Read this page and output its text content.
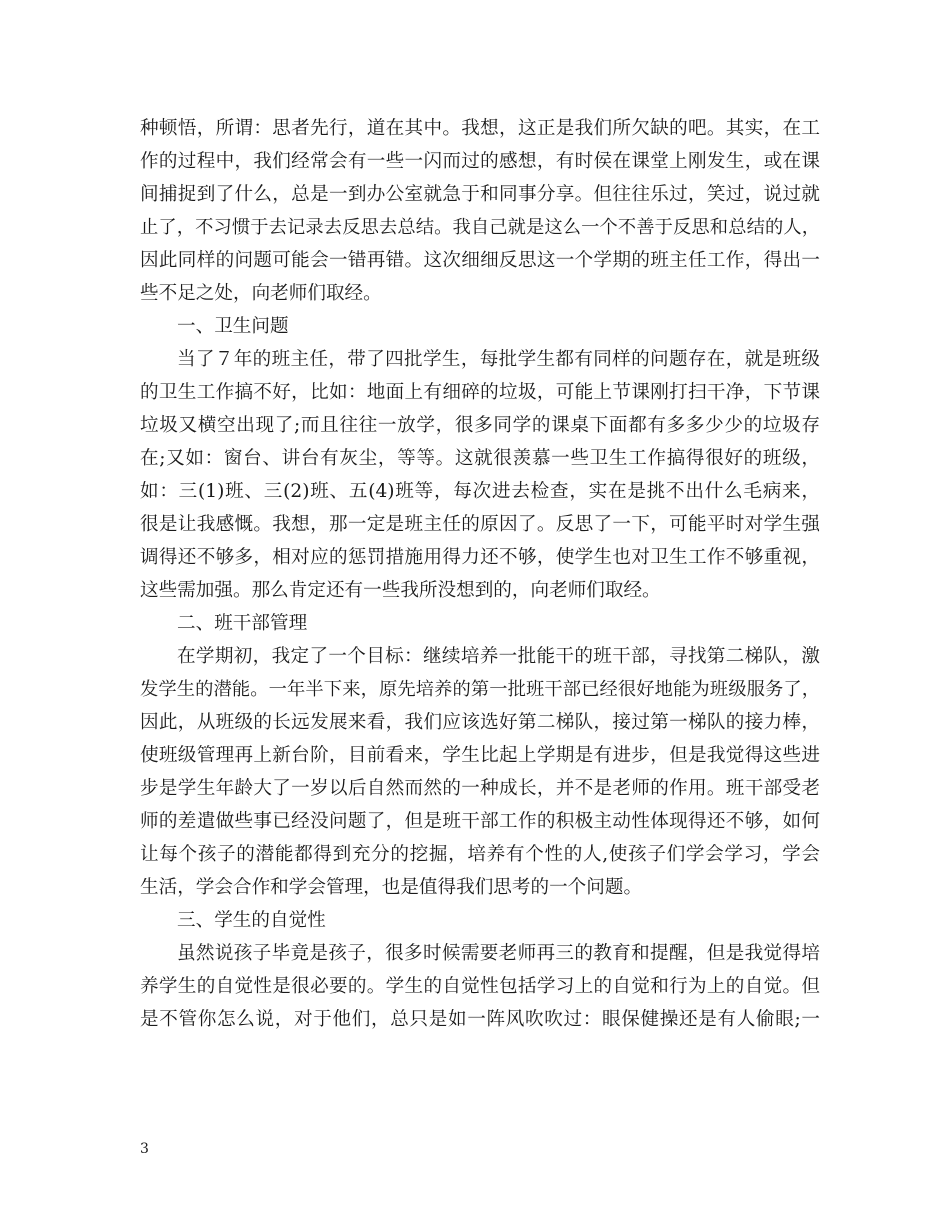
种顿悟，所谓：思者先行，道在其中。我想，这正是我们所欠缺的吧。其实，在工
作的过程中，我们经常会有一些一闪而过的感想，有时侯在课堂上刚发生，或在课
间捕捉到了什么，总是一到办公室就急于和同事分享。但往往乐过，笑过，说过就
止了，不习惯于去记录去反思去总结。我自己就是这么一个不善于反思和总结的人，
因此同样的问题可能会一错再错。这次细细反思这一个学期的班主任工作，得出一
些不足之处，向老师们取经。
一、卫生问题
当了７年的班主任，带了四批学生，每批学生都有同样的问题存在，就是班级
的卫生工作搞不好，比如：地面上有细碎的垃圾，可能上节课刚打扫干净，下节课
垃圾又横空出现了;而且往往一放学，很多同学的课桌下面都有多多少少的垃圾存
在;又如：窗台、讲台有灰尘，等等。这就很羡慕一些卫生工作搞得很好的班级，
如：三(1)班、三(2)班、五(4)班等，每次进去检查，实在是挑不出什么毛病来，
很是让我感慨。我想，那一定是班主任的原因了。反思了一下，可能平时对学生强
调得还不够多，相对应的惩罚措施用得力还不够，使学生也对卫生工作不够重视，
这些需加强。那么肯定还有一些我所没想到的，向老师们取经。
二、班干部管理
在学期初，我定了一个目标：继续培养一批能干的班干部，寻找第二梯队，激
发学生的潜能。一年半下来，原先培养的第一批班干部已经很好地能为班级服务了，
因此，从班级的长远发展来看，我们应该选好第二梯队，接过第一梯队的接力棒，
使班级管理再上新台阶，目前看来，学生比起上学期是有进步，但是我觉得这些进
步是学生年龄大了一岁以后自然而然的一种成长，并不是老师的作用。班干部受老
师的差遣做些事已经没问题了，但是班干部工作的积极主动性体现得还不够，如何
让每个孩子的潜能都得到充分的挖掘，培养有个性的人,使孩子们学会学习，学会
生活，学会合作和学会管理，也是值得我们思考的一个问题。
三、学生的自觉性
虽然说孩子毕竟是孩子，很多时候需要老师再三的教育和提醒，但是我觉得培
养学生的自觉性是很必要的。学生的自觉性包括学习上的自觉和行为上的自觉。但
是不管你怎么说，对于他们，总只是如一阵风吹吹过：眼保健操还是有人偷眼;一
3
